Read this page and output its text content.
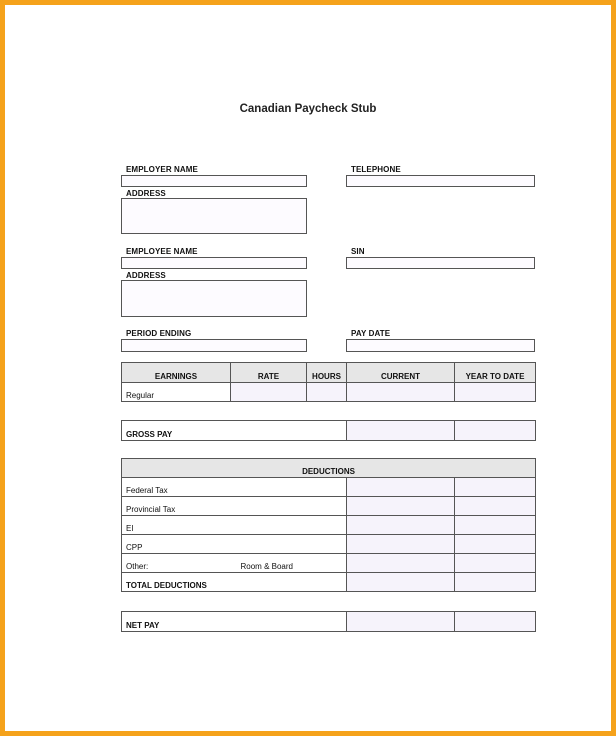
Canadian Paycheck Stub
EMPLOYER NAME	TELEPHONE
ADDRESS
EMPLOYEE NAME	SIN
ADDRESS
PERIOD ENDING	PAY DATE
EARNINGS	RATE	HOURS	CURRENT	YEAR TO DATE
Regular				
GROSS PAY		
DEDUCTIONS			
Federal Tax			
Provincial Tax			
EI			
CPP			
Other:	Room & Board		
TOTAL DEDUCTIONS			
NET PAY		
